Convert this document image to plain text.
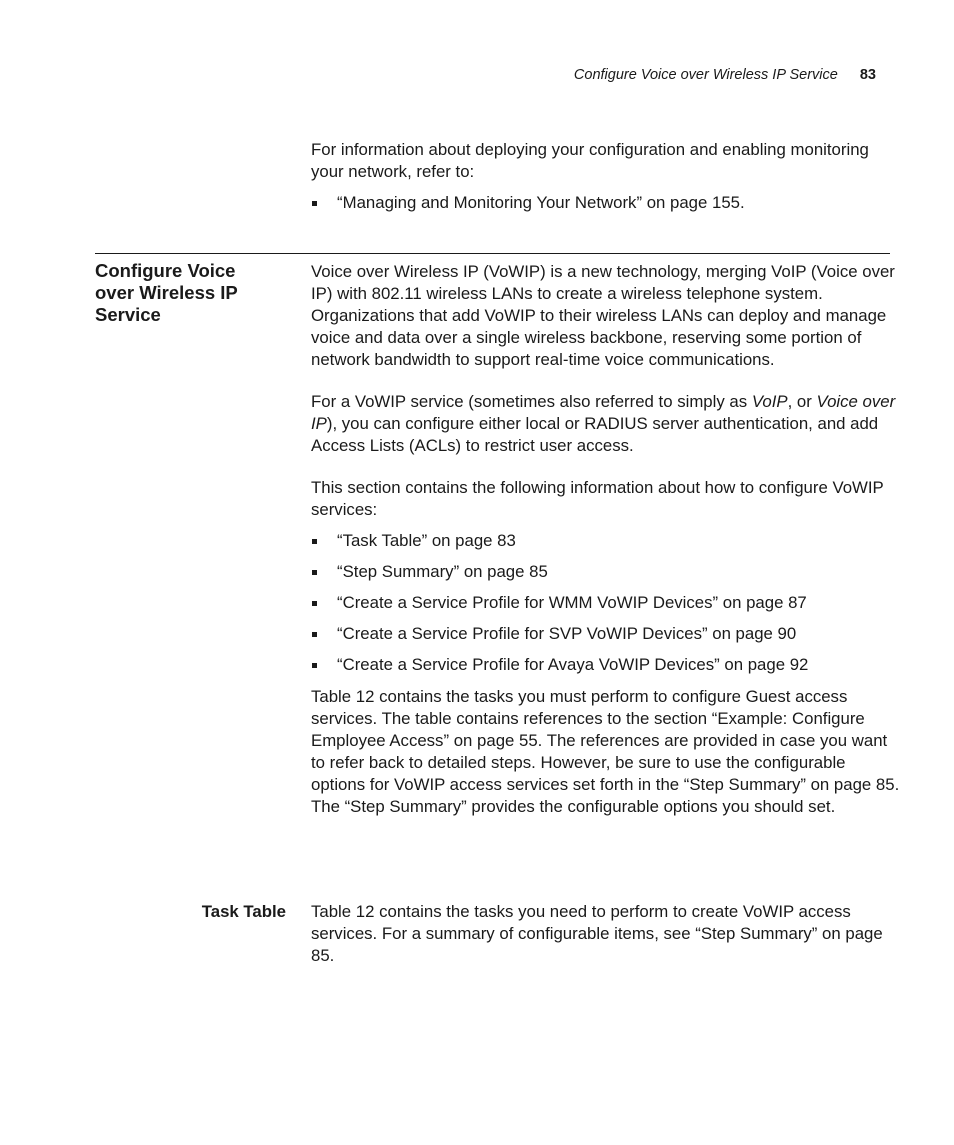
Configure Voice over Wireless IP Service 83

For information about deploying your configuration and enabling monitoring your network, refer to:

“Managing and Monitoring Your Network” on page 155.
Configure Voice over Wireless IP Service

Voice over Wireless IP (VoWIP) is a new technology, merging VoIP (Voice over IP) with 802.11 wireless LANs to create a wireless telephone system. Organizations that add VoWIP to their wireless LANs can deploy and manage voice and data over a single wireless backbone, reserving some portion of network bandwidth to support real-time voice communications.

For a VoWIP service (sometimes also referred to simply as VoIP, or Voice over IP), you can configure either local or RADIUS server authentication, and add Access Lists (ACLs) to restrict user access.

This section contains the following information about how to configure VoWIP services:

“Task Table” on page 83
“Step Summary” on page 85
“Create a Service Profile for WMM VoWIP Devices” on page 87
“Create a Service Profile for SVP VoWIP Devices” on page 90
“Create a Service Profile for Avaya VoWIP Devices” on page 92

Table 12 contains the tasks you must perform to configure Guest access services. The table contains references to the section “Example: Configure Employee Access” on page 55. The references are provided in case you want to refer back to detailed steps. However, be sure to use the configurable options for VoWIP access services set forth in the “Step Summary” on page 85. The “Step Summary” provides the configurable options you should set.

Task Table Table 12 contains the tasks you need to perform to create VoWIP access services. For a summary of configurable items, see “Step Summary” on page 85.
